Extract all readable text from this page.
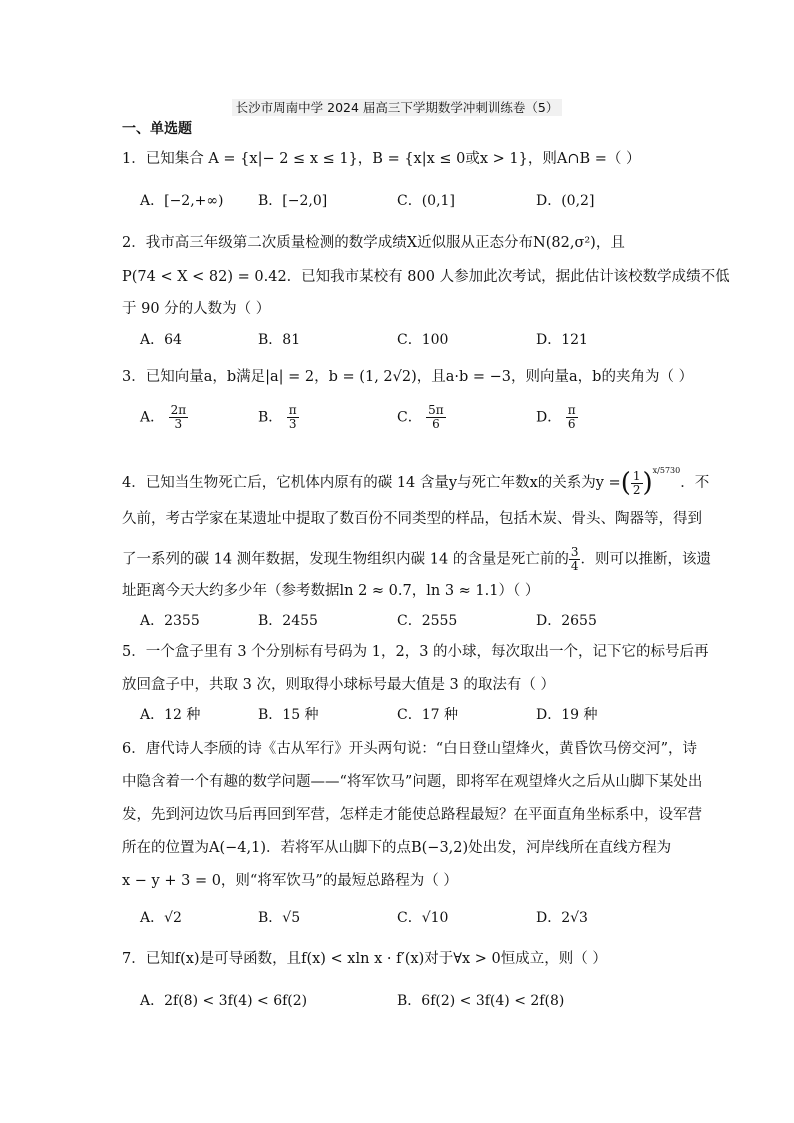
长沙市周南中学 2024 届高三下学期数学冲刺训练卷（5）
一、单选题
1．已知集合 A = {x|− 2 ≤ x ≤ 1}，B = {x|x ≤ 0或x > 1}，则A∩B =（ ）
A．[−2,+∞) B．[−2,0]	C．(0,1]	D．(0,2]
2．我市高三年级第二次质量检测的数学成绩X近似服从正态分布N(82,σ²)，且
P(74 < X < 82) = 0.42．已知我市某校有 800 人参加此次考试，据此估计该校数学成绩不低
于 90 分的人数为（ ）
A．64	B．81	C．100	D．121
3．已知向量a，b满足|a| = 2，b = (1, 2√2)，且a·b = −3，则向量a，b的夹角为（ ）
A． $\frac{2\pi}{3}$	B． $\frac{\pi}{3}$	C． $\frac{5\pi}{6}$	D． $\frac{\pi}{6}$
4．已知当生物死亡后，它机体内原有的碳 14 含量y与死亡年数x的关系为y =( $\frac{1}{2} )^{x/5730}$．不
久前，考古学家在某遗址中提取了数百份不同类型的样品，包括木炭、骨头、陶器等，得到
了一系列的碳 14 测年数据，发现生物组织内碳 14 的含量是死亡前的 $\frac{3}{4}$ ．则可以推断，该遗
址距离今天大约多少年（参考数据ln 2 ≈ 0.7，ln 3 ≈ 1.1）（ ）
A．2355	B．2455	C．2555	D．2655
5．一个盒子里有 3 个分别标有号码为 1，2，3 的小球，每次取出一个，记下它的标号后再
放回盒子中，共取 3 次，则取得小球标号最大值是 3 的取法有（ ）
A．12 种	B．15 种	C．17 种	D．19 种
6．唐代诗人李颀的诗《古从军行》开头两句说：“白日登山望烽火，黄昏饮马傍交河”，诗
中隐含着一个有趣的数学问题——“将军饮马”问题，即将军在观望烽火之后从山脚下某处出
发，先到河边饮马后再回到军营，怎样走才能使总路程最短？在平面直角坐标系中，设军营
所在的位置为A(−4,1)．若将军从山脚下的点B(−3,2)处出发，河岸线所在直线方程为
x − y + 3 = 0，则“将军饮马”的最短总路程为（ ）
A．√2	B．√5	C．√10	D．2√3
7．已知f(x)是可导函数，且f(x) < xln x · f′(x)对于∀x > 0恒成立，则（ ）
A．2f(8) < 3f(4) < 6f(2)	B．6f(2) < 3f(4) < 2f(8)
